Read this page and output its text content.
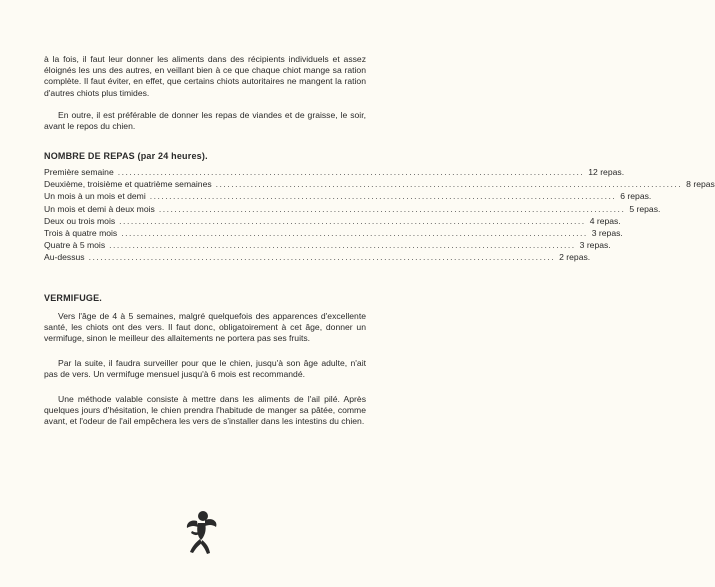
à la fois, il faut leur donner les aliments dans des récipients individuels et assez éloignés les uns des autres, en veillant bien à ce que chaque chiot mange sa ration complète. Il faut éviter, en effet, que certains chiots autoritaires ne mangent la ration d'autres chiots plus timides.

En outre, il est préférable de donner les repas de viandes et de graisse, le soir, avant le repos du chien.

NOMBRE DE REPAS (par 24 heures).
Première semaine ........................................................................................................................ 12 repas.
Deuxième, troisième et quatrième semaines ........................................................................................................................ 8 repas
Un mois à un mois et demi ........................................................................................................................ 6 repas.
Un mois et demi à deux mois ........................................................................................................................ 5 repas.
Deux ou trois mois ........................................................................................................................ 4 repas.
Trois à quatre mois ........................................................................................................................ 3 repas.
Quatre à 5 mois ........................................................................................................................ 3 repas.
Au-dessus ........................................................................................................................ 2 repas.
VERMIFUGE.

Vers l'âge de 4 à 5 semaines, malgré quelquefois des apparences d'excellente santé, les chiots ont des vers. Il faut donc, obligatoirement à cet âge, donner un vermifuge, sinon le meilleur des allaitements ne portera pas ses fruits.

Par la suite, il faudra surveiller pour que le chien, jusqu'à son âge adulte, n'ait pas de vers. Un vermifuge mensuel jusqu'à 6 mois est recommandé.

Une méthode valable consiste à mettre dans les aliments de l'ail pilé. Après quelques jours d'hésitation, le chien prendra l'habitude de manger sa pâtée, comme avant, et l'odeur de l'ail empêchera les vers de s'installer dans les intestins du chien.
